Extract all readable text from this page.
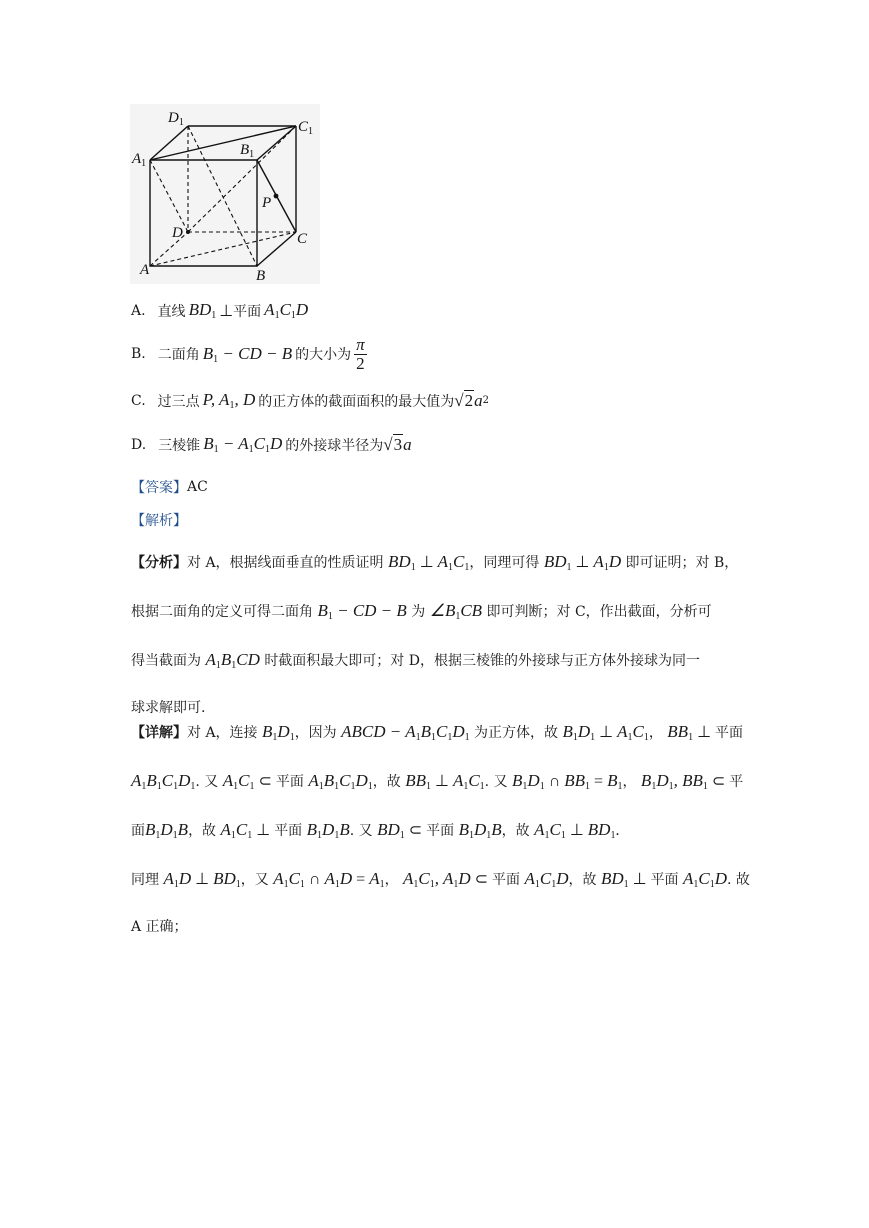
$D_1$	$C_1$
$A_1$
$B_1$
P
D	C
A	B
A. 直线 $BD_1$ ⊥ 平面 $A_1C_1D$
B. 二面角 $B_1$ − CD − B 的大小为 $\frac{\pi}{2}$
C. 过三点 P, $A_1$, D 的正方体的截面面积的最大值为 √ 2 a 2
D. 三棱锥 $B_1 - A_1C_1D$ 的外接球半径为 √ 3 a
【答案】 AC
【解析】
【分析】对 A，根据线面垂直的性质证明 $BD_1$ ⊥ $A_1C_1$，同理可得 $BD_1$ ⊥ $A_1D$ 即可证明；对 B，
根据二面角的定义可得二面角 $B_1$ − CD − B 为 $\angle B_1CB$ 即可判断；对 C，作出截面，分析可
得当截面为 $A_1B_1CD$ 时截面积最大即可；对 D，根据三棱锥的外接球与正方体外接球为同一
球求解即可.
【详解】对 A，连接 $B_1D_1$，因为 ABCD − $A_1B_1C_1D_1$ 为正方体，故 $B_1D_1$ ⊥ $A_1C_1$， $BB_1$ ⊥ 平面
$A_1B_1C_1D_1$. 又 $A_1C_1$ ⊂ 平面 $A_1B_1C_1D_1$，故 $BB_1$ ⊥ $A_1C_1$. 又 $B_1D_1$ ∩ $BB_1 = B_1$， $B_1D_1$, $BB_1$ ⊂ 平
面$B_1D_1B$，故 $A_1C_1$ ⊥ 平面 $B_1D_1B$. 又 $BD_1$ ⊂ 平面 $B_1D_1B$，故 $A_1C_1$ ⊥ $BD_1$.
同理 $A_1D$ ⊥ $BD_1$，又 $A_1C_1$ ∩ $A_1D = A_1$， $A_1C_1$, $A_1D$ ⊂ 平面 $A_1C_1D$，故 $BD_1$ ⊥ 平面 $A_1C_1D$. 故
A 正确；
